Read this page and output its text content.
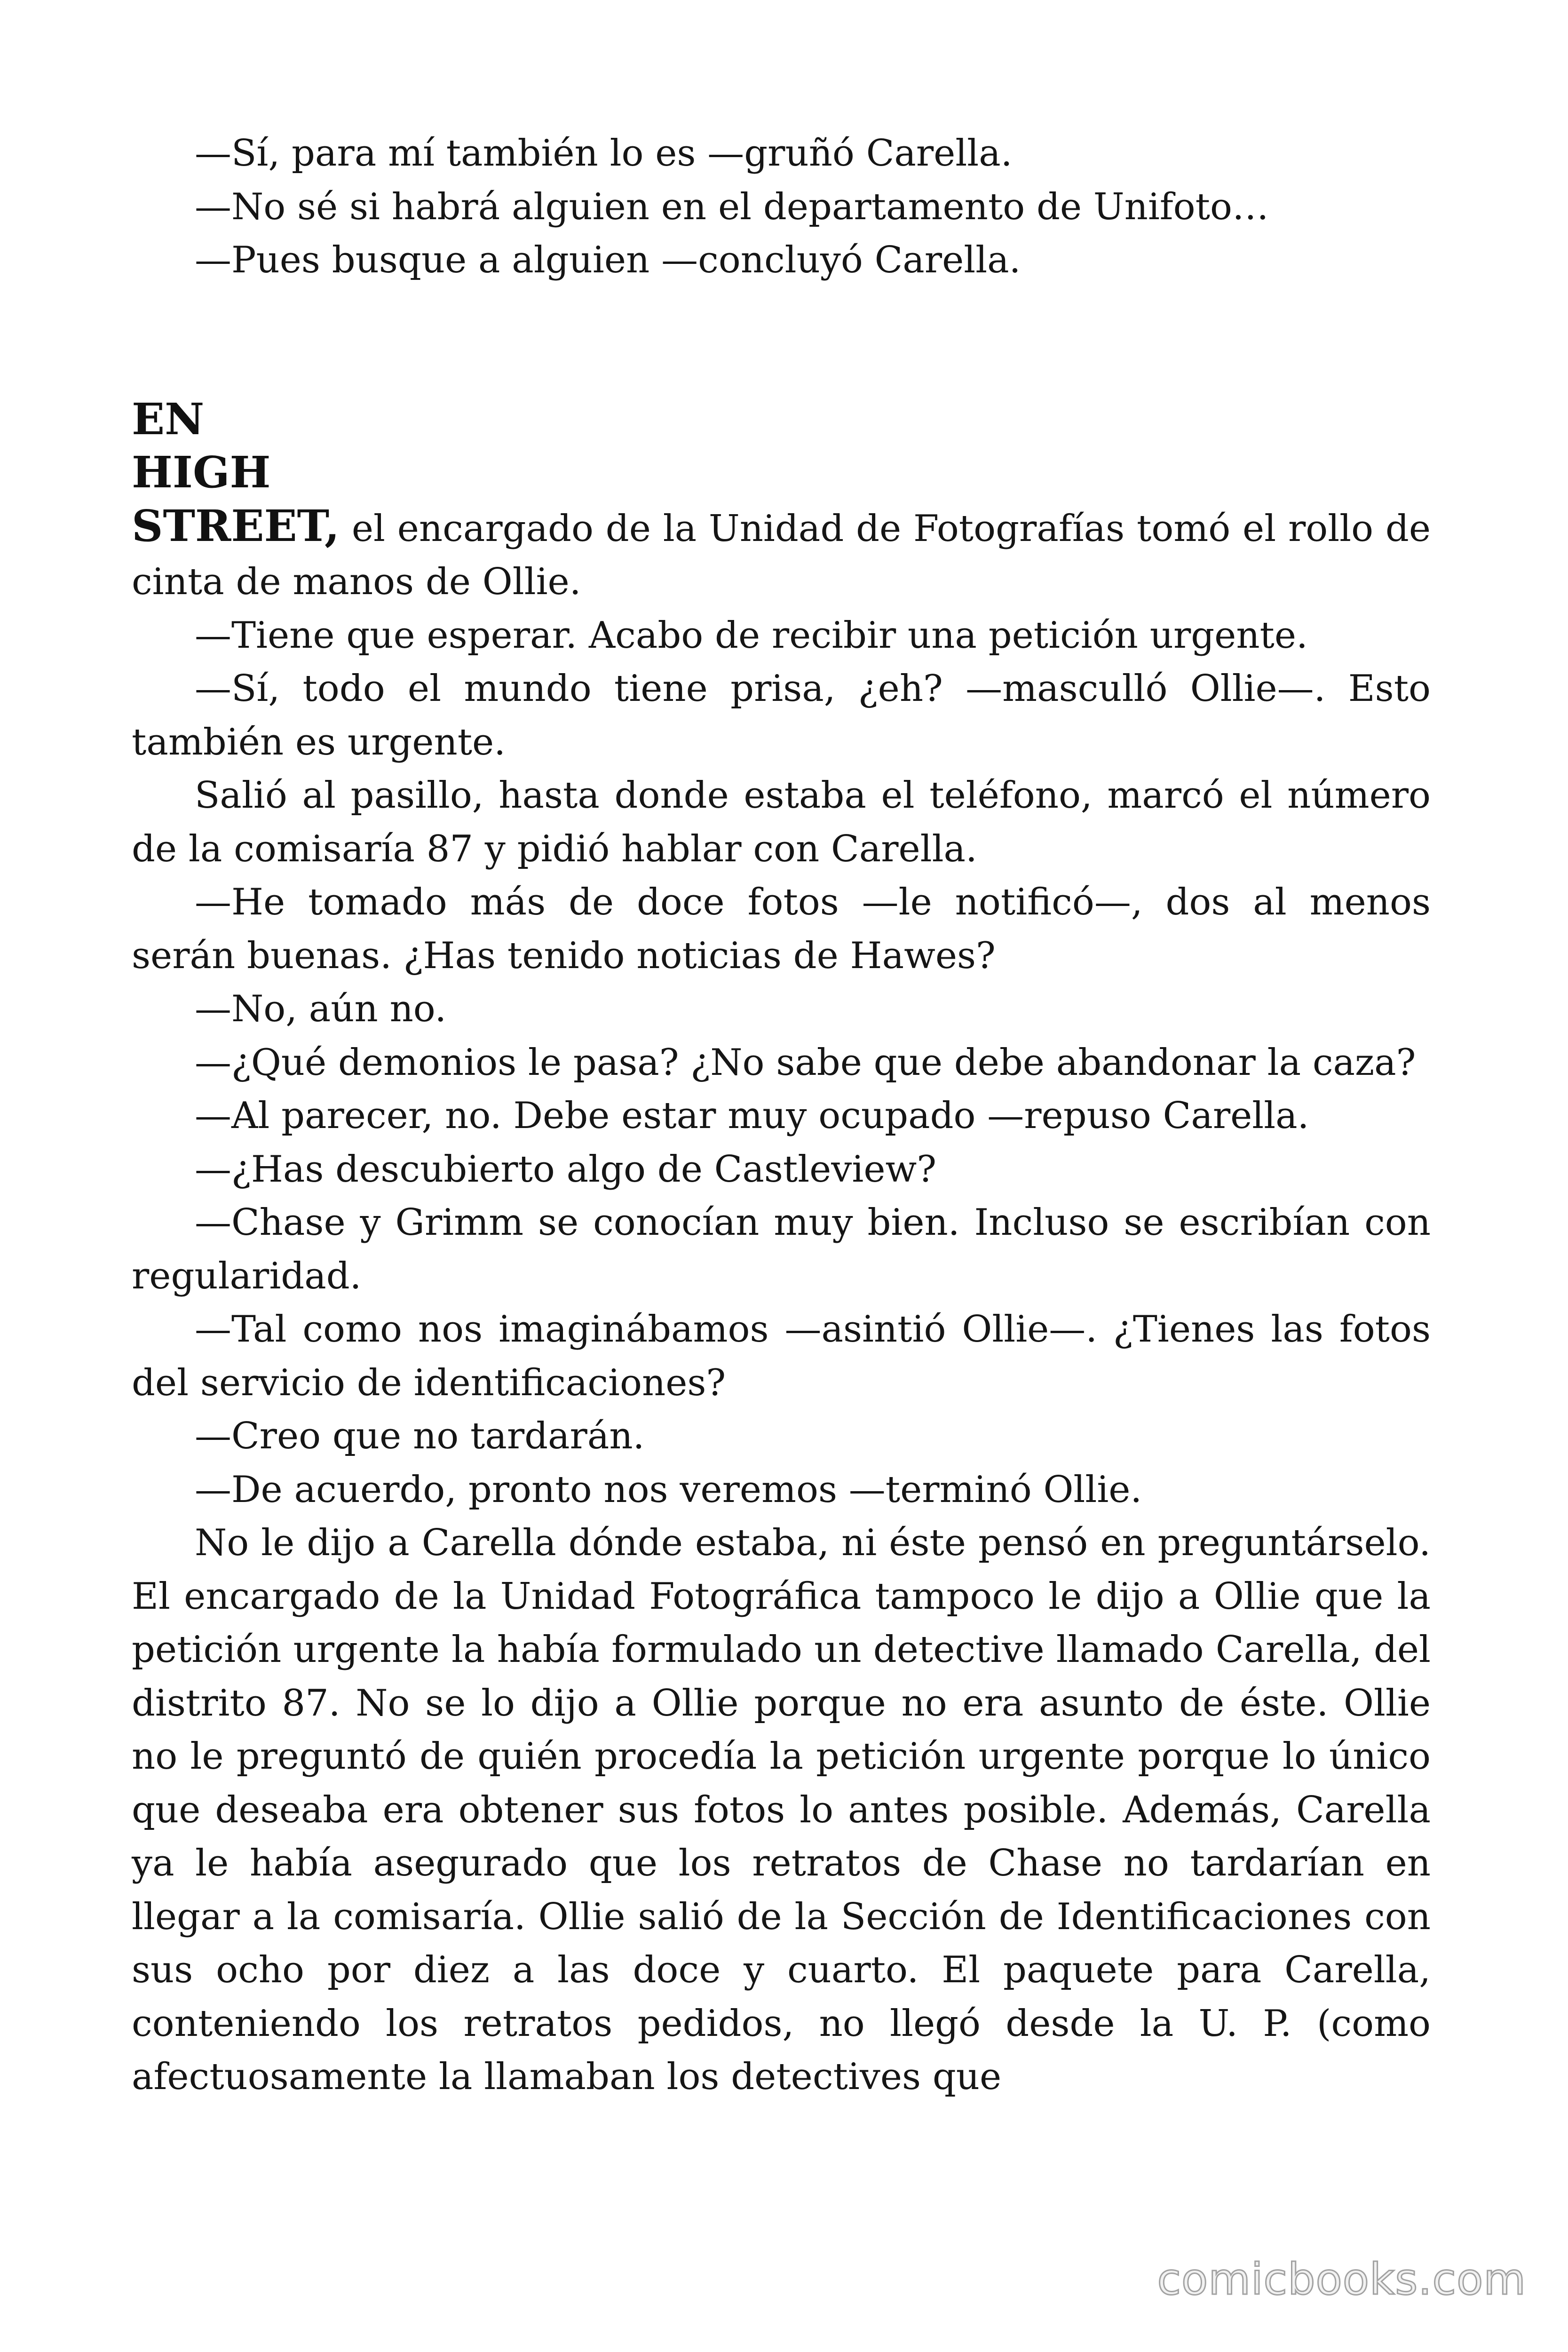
—Sí, para mí también lo es —gruñó Carella.

—No sé si habrá alguien en el departamento de Unifoto…

—Pues busque a alguien —concluyó Carella.

EN
HIGH

STREET, el encargado de la Unidad de Fotografías tomó el rollo de cinta de manos de Ollie.

—Tiene que esperar. Acabo de recibir una petición urgente.

—Sí, todo el mundo tiene prisa, ¿eh? —masculló Ollie—. Esto también es urgente.

Salió al pasillo, hasta donde estaba el teléfono, marcó el número de la comisaría 87 y pidió hablar con Carella.

—He tomado más de doce fotos —le notificó—, dos al menos serán buenas. ¿Has tenido noticias de Hawes?

—No, aún no.

—¿Qué demonios le pasa? ¿No sabe que debe abandonar la caza?

—Al parecer, no. Debe estar muy ocupado —repuso Carella.

—¿Has descubierto algo de Castleview?

—Chase y Grimm se conocían muy bien. Incluso se escribían con regularidad.

—Tal como nos imaginábamos —asintió Ollie—. ¿Tienes las fotos del servicio de identificaciones?

—Creo que no tardarán.

—De acuerdo, pronto nos veremos —terminó Ollie.

No le dijo a Carella dónde estaba, ni éste pensó en preguntárselo. El encargado de la Unidad Fotográfica tampoco le dijo a Ollie que la petición urgente la había formulado un detective llamado Carella, del distrito 87. No se lo dijo a Ollie porque no era asunto de éste. Ollie no le preguntó de quién procedía la petición urgente porque lo único que deseaba era obtener sus fotos lo antes posible. Además, Carella ya le había asegurado que los retratos de Chase no tardarían en llegar a la comisaría. Ollie salió de la Sección de Identificaciones con sus ocho por diez a las doce y cuarto. El paquete para Carella, conteniendo los retratos pedidos, no llegó desde la U. P. (como afectuosamente la llamaban los detectives que

comicbooks.com
